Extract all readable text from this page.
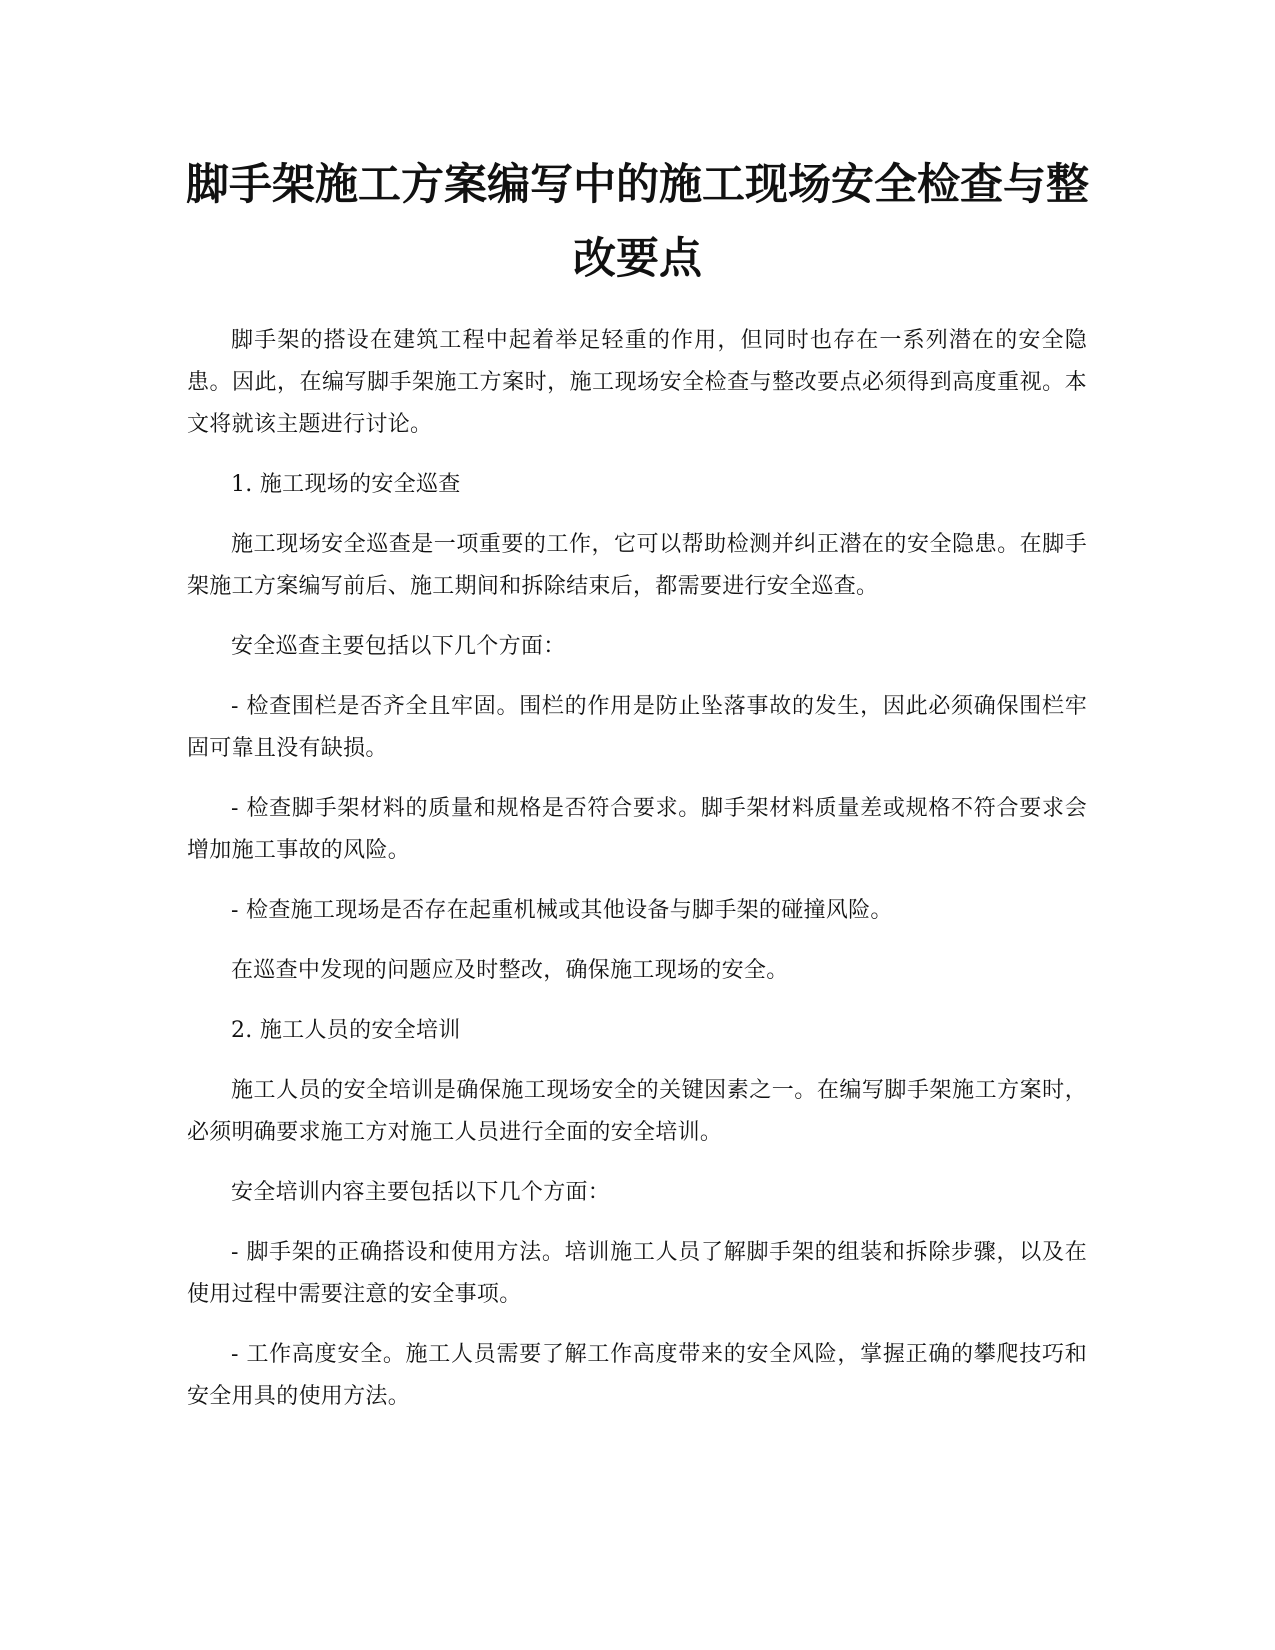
脚手架施工方案编写中的施工现场安全检查与整改要点

脚手架的搭设在建筑工程中起着举足轻重的作用，但同时也存在一系列潜在的安全隐患。因此，在编写脚手架施工方案时，施工现场安全检查与整改要点必须得到高度重视。本文将就该主题进行讨论。

1. 施工现场的安全巡查

施工现场安全巡查是一项重要的工作，它可以帮助检测并纠正潜在的安全隐患。在脚手架施工方案编写前后、施工期间和拆除结束后，都需要进行安全巡查。

安全巡查主要包括以下几个方面：

- 检查围栏是否齐全且牢固。围栏的作用是防止坠落事故的发生，因此必须确保围栏牢固可靠且没有缺损。

- 检查脚手架材料的质量和规格是否符合要求。脚手架材料质量差或规格不符合要求会增加施工事故的风险。

- 检查施工现场是否存在起重机械或其他设备与脚手架的碰撞风险。

在巡查中发现的问题应及时整改，确保施工现场的安全。

2. 施工人员的安全培训

施工人员的安全培训是确保施工现场安全的关键因素之一。在编写脚手架施工方案时，必须明确要求施工方对施工人员进行全面的安全培训。

安全培训内容主要包括以下几个方面：

- 脚手架的正确搭设和使用方法。培训施工人员了解脚手架的组装和拆除步骤，以及在使用过程中需要注意的安全事项。

- 工作高度安全。施工人员需要了解工作高度带来的安全风险，掌握正确的攀爬技巧和安全用具的使用方法。
